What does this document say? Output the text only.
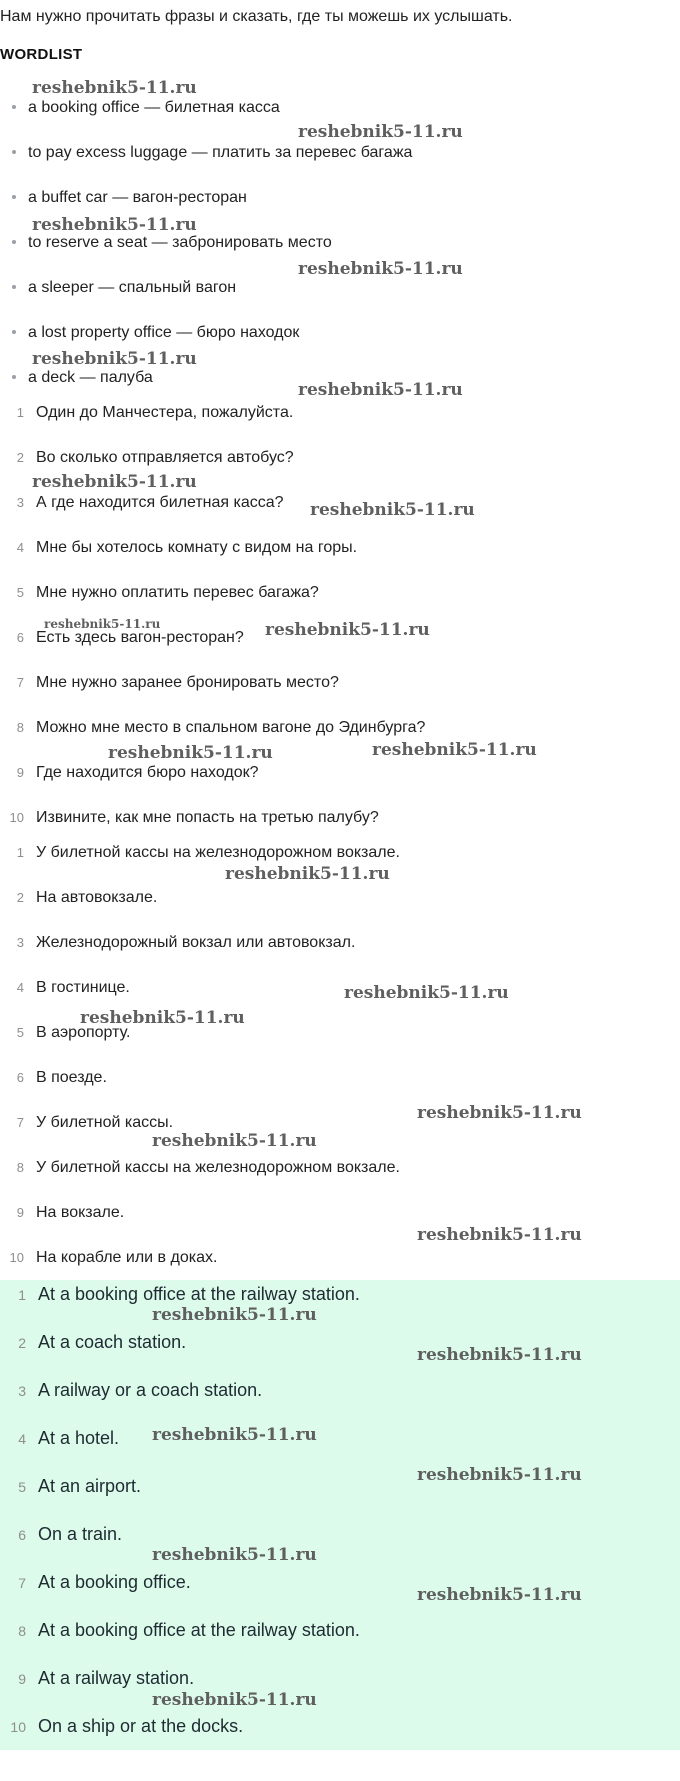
Нам нужно прочитать фразы и сказать, где ты можешь их услышать.
WORDLIST
a booking office — билетная касса
to pay excess luggage — платить за перевес багажа
a buffet car — вагон-ресторан
to reserve a seat — забронировать место
a sleeper — спальный вагон
a lost property office — бюро находок
a deck — палуба
1 Один до Манчестера, пожалуйста.
2 Во сколько отправляется автобус?
3 А где находится билетная касса?
4 Мне бы хотелось комнату с видом на горы.
5 Мне нужно оплатить перевес багажа?
6 Есть здесь вагон-ресторан?
7 Мне нужно заранее бронировать место?
8 Можно мне место в спальном вагоне до Эдинбурга?
9 Где находится бюро находок?
10 Извините, как мне попасть на третью палубу?
1 У билетной кассы на железнодорожном вокзале.
2 На автовокзале.
3 Железнодорожный вокзал или автовокзал.
4 В гостинице.
5 В аэропорту.
6 В поезде.
7 У билетной кассы.
8 У билетной кассы на железнодорожном вокзале.
9 На вокзале.
10 На корабле или в доках.
1 At a booking office at the railway station.
2 At a coach station.
3 A railway or a coach station.
4 At a hotel.
5 At an airport.
6 On a train.
7 At a booking office.
8 At a booking office at the railway station.
9 At a railway station.
10 On a ship or at the docks.
reshebnik5-11.ru
reshebnik5-11.ru
reshebnik5-11.ru
reshebnik5-11.ru
reshebnik5-11.ru
reshebnik5-11.ru
reshebnik5-11.ru
reshebnik5-11.ru
reshebnik5-11.ru	reshebnik5-11.ru
reshebnik5-11.ru	reshebnik5-11.ru
reshebnik5-11.ru
reshebnik5-11.ru
reshebnik5-11.ru
reshebnik5-11.ru
reshebnik5-11.ru
reshebnik5-11.ru
reshebnik5-11.ru
reshebnik5-11.ru
reshebnik5-11.ru
reshebnik5-11.ru
reshebnik5-11.ru
reshebnik5-11.ru
reshebnik5-11.ru
